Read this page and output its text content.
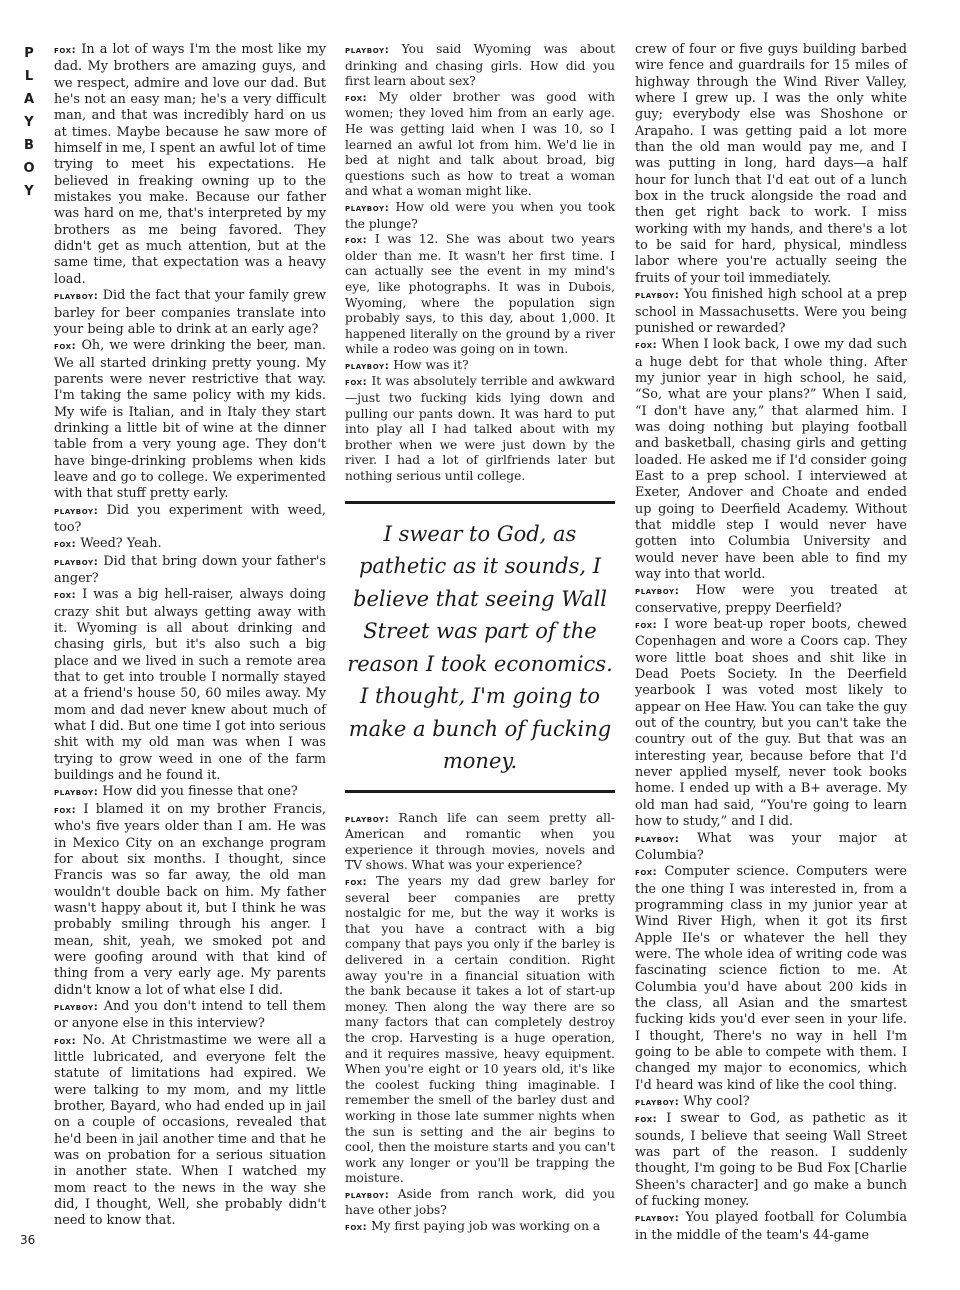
P
L
A
Y
B
O
Y
36

fox: In a lot of ways I'm the most like my dad. My brothers are amazing guys, and we respect, admire and love our dad. But he's not an easy man; he's a very difficult man, and that was incredibly hard on us at times. Maybe because he saw more of himself in me, I spent an awful lot of time trying to meet his expectations. He believed in freaking owning up to the mistakes you make. Because our father was hard on me, that's interpreted by my brothers as me being favored. They didn't get as much attention, but at the same time, that expectation was a heavy load.

playboy: Did the fact that your family grew barley for beer companies translate into your being able to drink at an early age?

fox: Oh, we were drinking the beer, man. We all started drinking pretty young. My parents were never restrictive that way. I'm taking the same policy with my kids. My wife is Italian, and in Italy they start drinking a little bit of wine at the dinner table from a very young age. They don't have binge-drinking problems when kids leave and go to college. We experimented with that stuff pretty early.

playboy: Did you experiment with weed, too?

fox: Weed? Yeah.

playboy: Did that bring down your father's anger?

fox: I was a big hell-raiser, always doing crazy shit but always getting away with it. Wyoming is all about drinking and chasing girls, but it's also such a big place and we lived in such a remote area that to get into trouble I normally stayed at a friend's house 50, 60 miles away. My mom and dad never knew about much of what I did. But one time I got into serious shit with my old man was when I was trying to grow weed in one of the farm buildings and he found it.

playboy: How did you finesse that one?

fox: I blamed it on my brother Francis, who's five years older than I am. He was in Mexico City on an exchange program for about six months. I thought, since Francis was so far away, the old man wouldn't double back on him. My father wasn't happy about it, but I think he was probably smiling through his anger. I mean, shit, yeah, we smoked pot and were goofing around with that kind of thing from a very early age. My parents didn't know a lot of what else I did.

playboy: And you don't intend to tell them or anyone else in this interview?

fox: No. At Christmastime we were all a little lubricated, and everyone felt the statute of limitations had expired. We were talking to my mom, and my little brother, Bayard, who had ended up in jail on a couple of occasions, revealed that he'd been in jail another time and that he was on probation for a serious situation in another state. When I watched my mom react to the news in the way she did, I thought, Well, she probably didn't need to know that.

playboy: You said Wyoming was about drinking and chasing girls. How did you first learn about sex?

fox: My older brother was good with women; they loved him from an early age. He was getting laid when I was 10, so I learned an awful lot from him. We'd lie in bed at night and talk about broad, big questions such as how to treat a woman and what a woman might like.

playboy: How old were you when you took the plunge?

fox: I was 12. She was about two years older than me. It wasn't her first time. I can actually see the event in my mind's eye, like photographs. It was in Dubois, Wyoming, where the population sign probably says, to this day, about 1,000. It happened literally on the ground by a river while a rodeo was going on in town.

playboy: How was it?

fox: It was absolutely terrible and awkward—just two fucking kids lying down and pulling our pants down. It was hard to put into play all I had talked about with my brother when we were just down by the river. I had a lot of girlfriends later but nothing serious until college.

I swear to God, as pathetic as it sounds, I believe that seeing Wall Street was part of the reason I took economics. I thought, I'm going to make a bunch of fucking money.

playboy: Ranch life can seem pretty all-American and romantic when you experience it through movies, novels and TV shows. What was your experience?

fox: The years my dad grew barley for several beer companies are pretty nostalgic for me, but the way it works is that you have a contract with a big company that pays you only if the barley is delivered in a certain condition. Right away you're in a financial situation with the bank because it takes a lot of start-up money. Then along the way there are so many factors that can completely destroy the crop. Harvesting is a huge operation, and it requires massive, heavy equipment. When you're eight or 10 years old, it's like the coolest fucking thing imaginable. I remember the smell of the barley dust and working in those late summer nights when the sun is setting and the air begins to cool, then the moisture starts and you can't work any longer or you'll be trapping the moisture.

playboy: Aside from ranch work, did you have other jobs?

fox: My first paying job was working on a

crew of four or five guys building barbed wire fence and guardrails for 15 miles of highway through the Wind River Valley, where I grew up. I was the only white guy; everybody else was Shoshone or Arapaho. I was getting paid a lot more than the old man would pay me, and I was putting in long, hard days—a half hour for lunch that I'd eat out of a lunch box in the truck alongside the road and then get right back to work. I miss working with my hands, and there's a lot to be said for hard, physical, mindless labor where you're actually seeing the fruits of your toil immediately.

playboy: You finished high school at a prep school in Massachusetts. Were you being punished or rewarded?

fox: When I look back, I owe my dad such a huge debt for that whole thing. After my junior year in high school, he said, “So, what are your plans?” When I said, “I don't have any,” that alarmed him. I was doing nothing but playing football and basketball, chasing girls and getting loaded. He asked me if I'd consider going East to a prep school. I interviewed at Exeter, Andover and Choate and ended up going to Deerfield Academy. Without that middle step I would never have gotten into Columbia University and would never have been able to find my way into that world.

playboy: How were you treated at conservative, preppy Deerfield?

fox: I wore beat-up roper boots, chewed Copenhagen and wore a Coors cap. They wore little boat shoes and shit like in Dead Poets Society. In the Deerfield yearbook I was voted most likely to appear on Hee Haw. You can take the guy out of the country, but you can't take the country out of the guy. But that was an interesting year, because before that I'd never applied myself, never took books home. I ended up with a B+ average. My old man had said, “You're going to learn how to study,” and I did.

playboy: What was your major at Columbia?

fox: Computer science. Computers were the one thing I was interested in, from a programming class in my junior year at Wind River High, when it got its first Apple IIe's or whatever the hell they were. The whole idea of writing code was fascinating science fiction to me. At Columbia you'd have about 200 kids in the class, all Asian and the smartest fucking kids you'd ever seen in your life. I thought, There's no way in hell I'm going to be able to compete with them. I changed my major to economics, which I'd heard was kind of like the cool thing.

playboy: Why cool?

fox: I swear to God, as pathetic as it sounds, I believe that seeing Wall Street was part of the reason. I suddenly thought, I'm going to be Bud Fox [Charlie Sheen's character] and go make a bunch of fucking money.

playboy: You played football for Columbia in the middle of the team's 44-game
